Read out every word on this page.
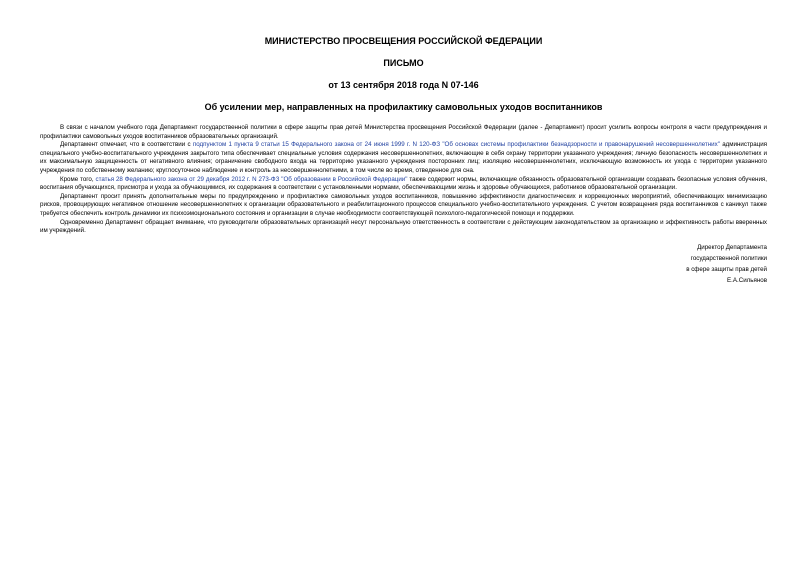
МИНИСТЕРСТВО ПРОСВЕЩЕНИЯ РОССИЙСКОЙ ФЕДЕРАЦИИ

ПИСЬМО

от 13 сентября 2018 года N 07-146

Об усилении мер, направленных на профилактику самовольных уходов воспитанников

В связи с началом учебного года Департамент государственной политики в сфере защиты прав детей Министерства просвещения Российской Федерации (далее - Департамент) просит усилить вопросы контроля в части предупреждения и профилактики самовольных уходов воспитанников образовательных организаций.

Департамент отмечает, что в соответствии с подпунктом 1 пункта 9 статьи 15 Федерального закона от 24 июня 1999 г. N 120-ФЗ "Об основах системы профилактики безнадзорности и правонарушений несовершеннолетних" администрация специального учебно-воспитательного учреждения закрытого типа обеспечивает специальные условия содержания несовершеннолетних, включающие в себя охрану территории указанного учреждения; личную безопасность несовершеннолетних и их максимальную защищенность от негативного влияния; ограничение свободного входа на территорию указанного учреждения посторонних лиц; изоляцию несовершеннолетних, исключающую возможность их ухода с территории указанного учреждения по собственному желанию; круглосуточное наблюдение и контроль за несовершеннолетними, в том числе во время, отведенное для сна.

Кроме того, статья 28 Федерального закона от 29 декабря 2012 г. N 273-ФЗ "Об образовании в Российской Федерации" также содержит нормы, включающие обязанность образовательной организации создавать безопасные условия обучения, воспитания обучающихся, присмотра и ухода за обучающимися, их содержания в соответствии с установленными нормами, обеспечивающими жизнь и здоровье обучающихся, работников образовательной организации.

Департамент просит принять дополнительные меры по предупреждению и профилактике самовольных уходов воспитанников, повышению эффективности диагностических и коррекционных мероприятий, обеспечивающих минимизацию рисков, провоцирующих негативное отношение несовершеннолетних к организации образовательного и реабилитационного процессов специального учебно-воспитательного учреждения. С учетом возвращения ряда воспитанников с каникул также требуется обеспечить контроль динамики их психоэмоционального состояния и организации в случае необходимости соответствующей психолого-педагогической помощи и поддержки.

Одновременно Департамент обращает внимание, что руководители образовательных организаций несут персональную ответственность в соответствии с действующим законодательством за организацию и эффективность работы вверенных им учреждений.

Директор Департамента
государственной политики
в сфере защиты прав детей
Е.А.Сильянов
